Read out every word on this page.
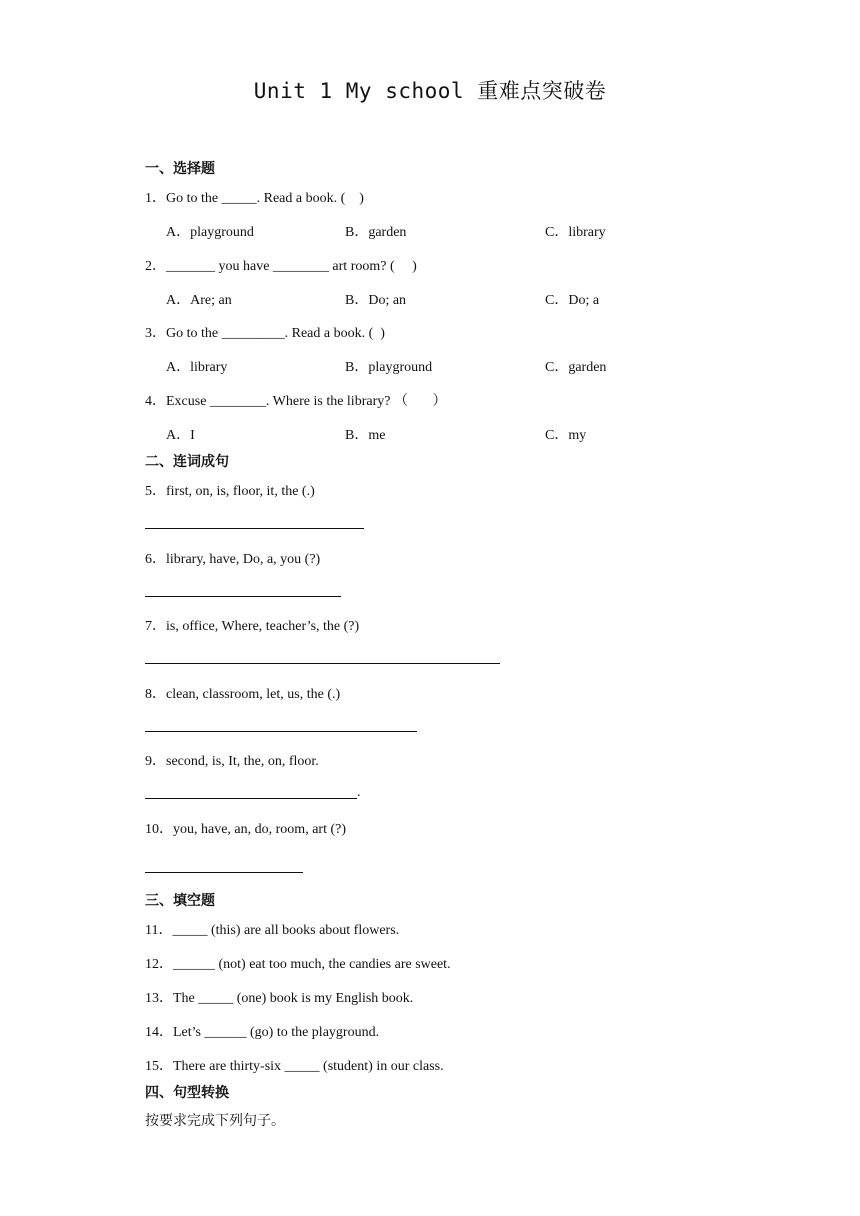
Unit 1 My school 重难点突破卷
一、选择题
1．Go to the _____. Read a book. (    )
A．playground	B．garden	C．library
2．_______ you have ________ art room? (     )
A．Are; an	B．Do; an	C．Do; a
3．Go to the _________. Read a book. (  )
A．library	B．playground	C．garden
4．Excuse ________. Where is the library? （       ）
A．I	B．me	C．my
二、连词成句
5．first, on, is, floor, it, the (.)
6．library, have, Do, a, you (?)
7．is, office, Where, teacher’s, the (?)
8．clean, classroom, let, us, the (.)
9．second, is, It, the, on, floor.
.
10．you, have, an, do, room, art (?)
三、填空题
11．_____ (this) are all books about flowers.
12．______ (not) eat too much, the candies are sweet.
13．The _____ (one) book is my English book.
14．Let’s ______ (go) to the playground.
15．There are thirty-six _____ (student) in our class.
四、句型转换
按要求完成下列句子。
